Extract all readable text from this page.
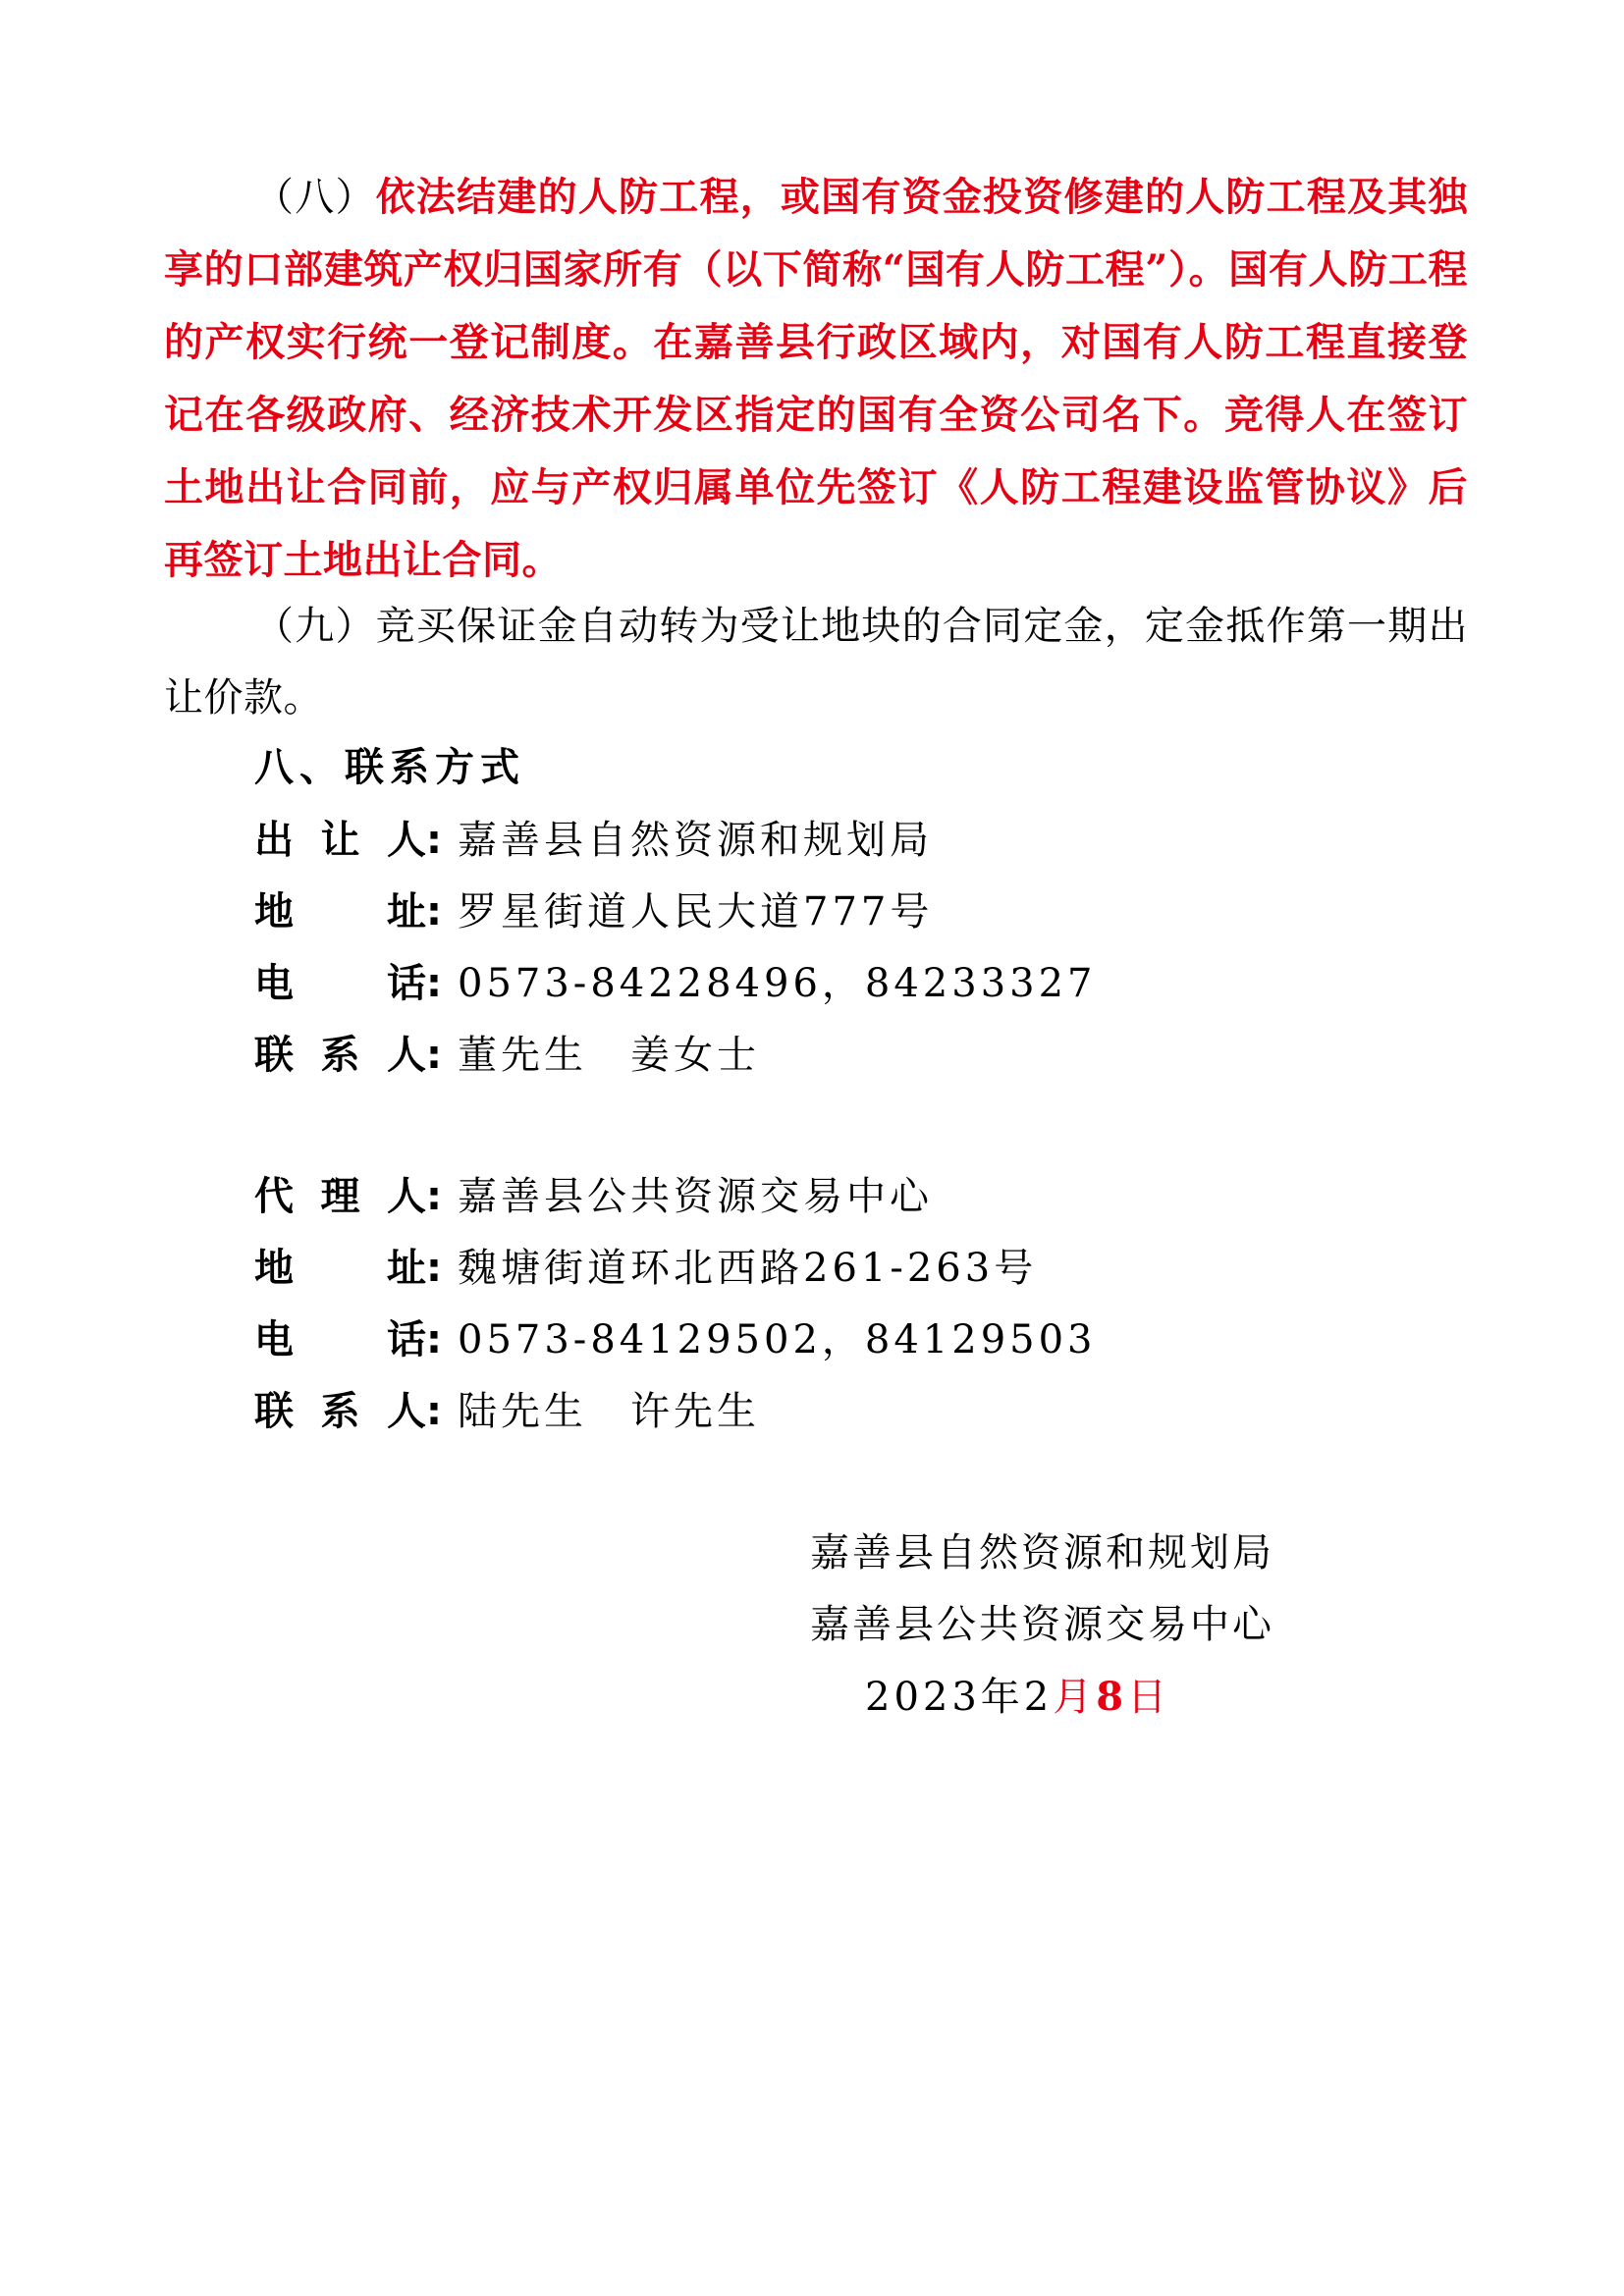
（八）依法结建的人防工程，或国有资金投资修建的人防工程及其独享的口部建筑产权归国家所有（以下简称“国有人防工程”）。国有人防工程的产权实行统一登记制度。在嘉善县行政区域内，对国有人防工程直接登记在各级政府、经济技术开发区指定的国有全资公司名下。竞得人在签订土地出让合同前，应与产权归属单位先签订《人防工程建设监管协议》后再签订土地出让合同。

（九）竞买保证金自动转为受让地块的合同定金，定金抵作第一期出让价款。

八、联系方式
出让人: 嘉善县自然资源和规划局
地址: 罗星街道人民大道777号
电话: 0573-84228496，84233327
联系人: 董先生　姜女士
代理人: 嘉善县公共资源交易中心
地址: 魏塘街道环北西路261-263号
电话: 0573-84129502，84129503
联系人: 陆先生　许先生
嘉善县自然资源和规划局
嘉善县公共资源交易中心
2023年2月8日
